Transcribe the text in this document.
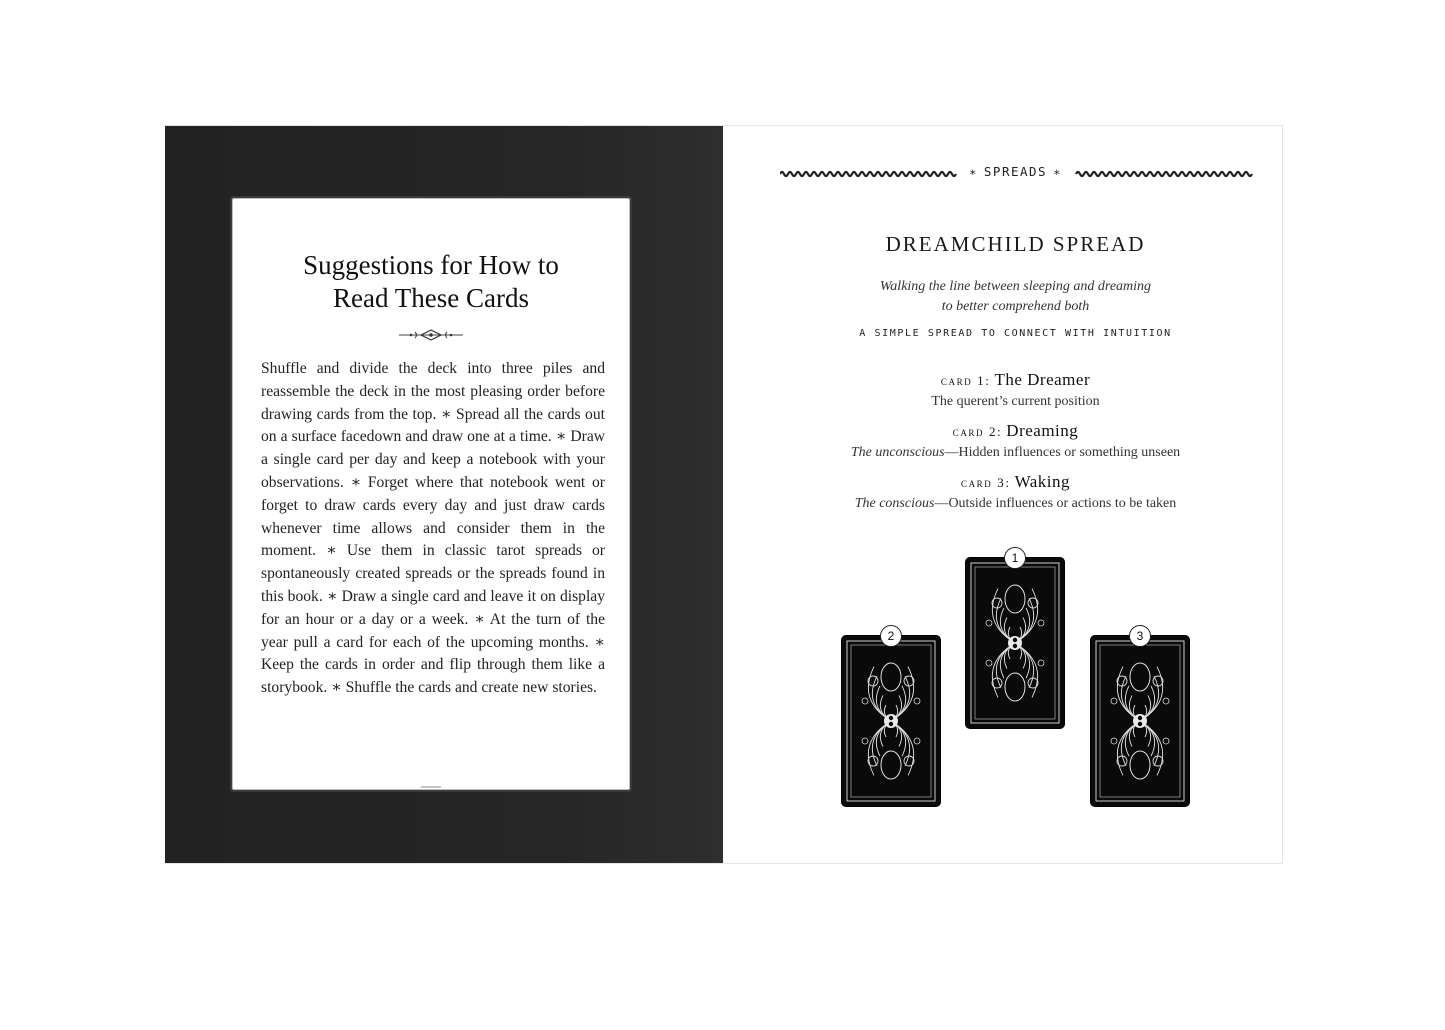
Suggestions for How to
Read These Cards
Shuffle and divide the deck into three piles and reassemble the deck in the most pleasing order before drawing cards from the top. ∗ Spread all the cards out on a surface facedown and draw one at a time. ∗ Draw a single card per day and keep a notebook with your observations. ∗ Forget where that notebook went or forget to draw cards every day and just draw cards whenever time allows and consider them in the moment. ∗ Use them in classic tarot spreads or spontaneously created spreads or the spreads found in this book. ∗ Draw a single card and leave it on display for an hour or a day or a week. ∗ At the turn of the year pull a card for each of the upcoming months. ∗ Keep the cards in order and flip through them like a storybook. ∗ Shuffle the cards and create new stories.
∗ SPREADS ∗
DREAMCHILD SPREAD
Walking the line between sleeping and dreaming
to better comprehend both
A SIMPLE SPREAD TO CONNECT WITH INTUITION
card 1: The Dreamer
The querent’s current position
card 2: Dreaming
The unconscious—Hidden influences or something unseen
card 3: Waking
The conscious—Outside influences or actions to be taken
1
2	3
